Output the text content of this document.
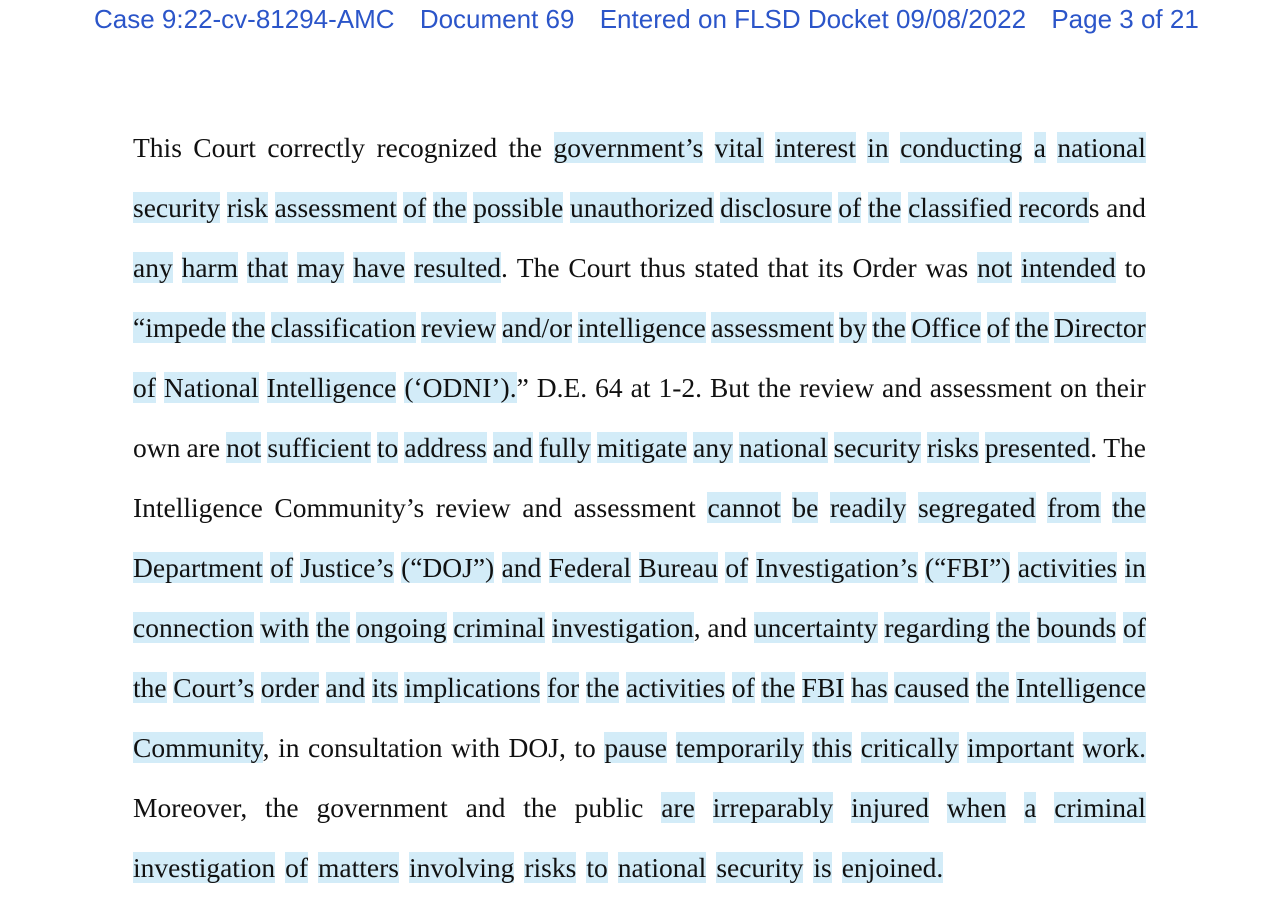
Case 9:22-cv-81294-AMC Document 69 Entered on FLSD Docket 09/08/2022 Page 3 of 21
This Court correctly recognized the government’s vital interest in conducting a national
security risk assessment of the possible unauthorized disclosure of the classified records and
any harm that may have resulted. The Court thus stated that its Order was not intended to
“impede the classification review and/or intelligence assessment by the Office of the Director
of National Intelligence (‘ODNI’).” D.E. 64 at 1-2. But the review and assessment on their
own are not sufficient to address and fully mitigate any national security risks presented. The
Intelligence Community’s review and assessment cannot be readily segregated from the
Department of Justice’s (“DOJ”) and Federal Bureau of Investigation’s (“FBI”) activities in
connection with the ongoing criminal investigation, and uncertainty regarding the bounds of
the Court’s order and its implications for the activities of the FBI has caused the Intelligence
Community, in consultation with DOJ, to pause temporarily this critically important work.
Moreover, the government and the public are irreparably injured when a criminal
investigation of matters involving risks to national security is enjoined.
